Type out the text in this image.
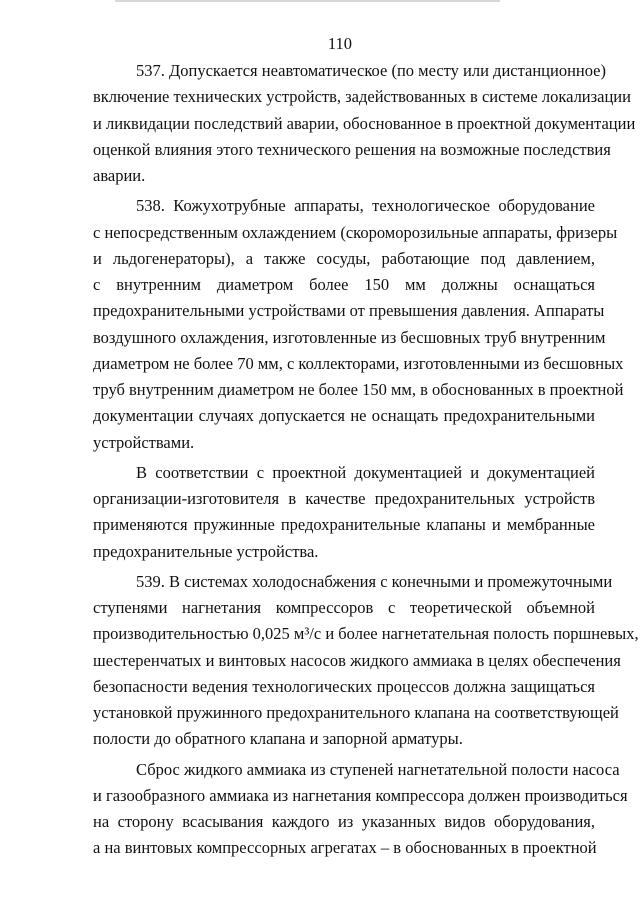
110
537. Допускается неавтоматическое (по месту или дистанционное)
включение технических устройств, задействованных в системе локализации
и ликвидации последствий аварии, обоснованное в проектной документации
оценкой влияния этого технического решения на возможные последствия
аварии.
538. Кожухотрубные аппараты, технологическое оборудование
с непосредственным охлаждением (скороморозильные аппараты, фризеры
и льдогенераторы), а также сосуды, работающие под давлением,
с внутренним диаметром более 150 мм должны оснащаться
предохранительными устройствами от превышения давления. Аппараты
воздушного охлаждения, изготовленные из бесшовных труб внутренним
диаметром не более 70 мм, с коллекторами, изготовленными из бесшовных
труб внутренним диаметром не более 150 мм, в обоснованных в проектной
документации случаях допускается не оснащать предохранительными
устройствами.
В соответствии с проектной документацией и документацией
организации-изготовителя в качестве предохранительных устройств
применяются пружинные предохранительные клапаны и мембранные
предохранительные устройства.
539. В системах холодоснабжения с конечными и промежуточными
ступенями нагнетания компрессоров с теоретической объемной
производительностью 0,025 м³/с и более нагнетательная полость поршневых,
шестеренчатых и винтовых насосов жидкого аммиака в целях обеспечения
безопасности ведения технологических процессов должна защищаться
установкой пружинного предохранительного клапана на соответствующей
полости до обратного клапана и запорной арматуры.
Сброс жидкого аммиака из ступеней нагнетательной полости насоса
и газообразного аммиака из нагнетания компрессора должен производиться
на сторону всасывания каждого из указанных видов оборудования,
а на винтовых компрессорных агрегатах – в обоснованных в проектной
